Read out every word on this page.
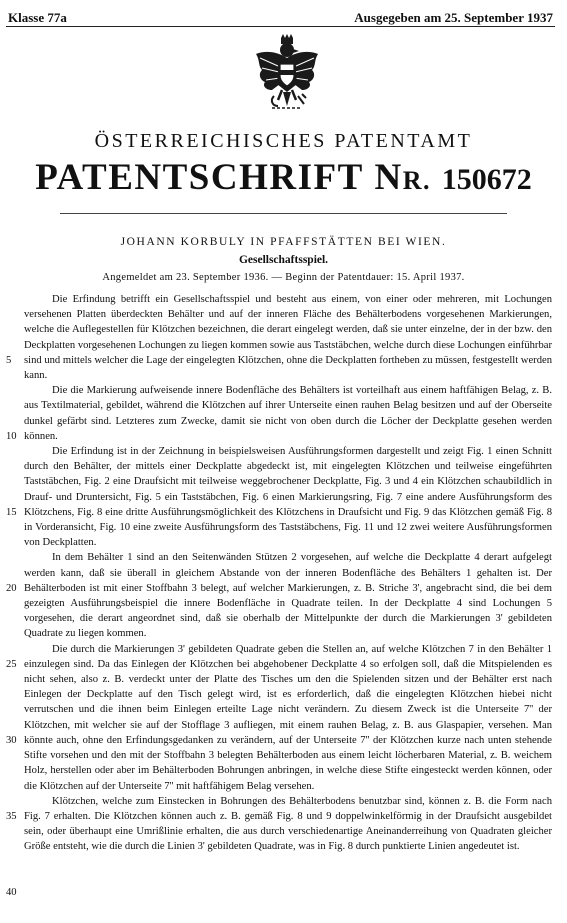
Klasse 77a	Ausgegeben am 25. September 1937
ÖSTERREICHISCHES PATENTAMT
PATENTSCHRIFT NR. 150672
JOHANN KORBULY IN PFAFFSTÄTTEN BEI WIEN.
Gesellschaftsspiel.
Angemeldet am 23. September 1936. — Beginn der Patentdauer: 15. April 1937.
5
10
15
20
25
30
35
40

Die Erfindung betrifft ein Gesellschaftsspiel und besteht aus einem, von einer oder mehreren, mit Lochungen versehenen Platten überdeckten Behälter und auf der inneren Fläche des Behälterbodens vorgesehenen Markierungen, welche die Auflegestellen für Klötzchen bezeichnen, die derart eingelegt werden, daß sie unter einzelne, der in der bzw. den Deckplatten vorgesehenen Lochungen zu liegen kommen sowie aus Taststäbchen, welche durch diese Lochungen einführbar sind und mittels welcher die Lage der eingelegten Klötzchen, ohne die Deckplatten fortheben zu müssen, festgestellt werden kann.

Die die Markierung aufweisende innere Bodenfläche des Behälters ist vorteilhaft aus einem haftfähigen Belag, z. B. aus Textilmaterial, gebildet, während die Klötzchen auf ihrer Unterseite einen rauhen Belag besitzen und auf der Oberseite dunkel gefärbt sind. Letzteres zum Zwecke, damit sie nicht von oben durch die Löcher der Deckplatte gesehen werden können.

Die Erfindung ist in der Zeichnung in beispielsweisen Ausführungsformen dargestellt und zeigt Fig. 1 einen Schnitt durch den Behälter, der mittels einer Deckplatte abgedeckt ist, mit eingelegten Klötzchen und teilweise eingeführten Taststäbchen, Fig. 2 eine Draufsicht mit teilweise weggebrochener Deckplatte, Fig. 3 und 4 ein Klötzchen schaubildlich in Drauf- und Druntersicht, Fig. 5 ein Taststäbchen, Fig. 6 einen Markierungsring, Fig. 7 eine andere Ausführungsform des Klötzchens, Fig. 8 eine dritte Ausführungsmöglichkeit des Klötzchens in Draufsicht und Fig. 9 das Klötzchen gemäß Fig. 8 in Vorderansicht, Fig. 10 eine zweite Ausführungsform des Taststäbchens, Fig. 11 und 12 zwei weitere Ausführungsformen von Deckplatten.

In dem Behälter 1 sind an den Seitenwänden Stützen 2 vorgesehen, auf welche die Deckplatte 4 derart aufgelegt werden kann, daß sie überall in gleichem Abstande von der inneren Bodenfläche des Behälters 1 gehalten ist. Der Behälterboden ist mit einer Stoffbahn 3 belegt, auf welcher Markierungen, z. B. Striche 3', angebracht sind, die bei dem gezeigten Ausführungsbeispiel die innere Bodenfläche in Quadrate teilen. In der Deckplatte 4 sind Lochungen 5 vorgesehen, die derart angeordnet sind, daß sie oberhalb der Mittelpunkte der durch die Markierungen 3' gebildeten Quadrate zu liegen kommen.

Die durch die Markierungen 3' gebildeten Quadrate geben die Stellen an, auf welche Klötzchen 7 in den Behälter 1 einzulegen sind. Da das Einlegen der Klötzchen bei abgehobener Deckplatte 4 so erfolgen soll, daß die Mitspielenden es nicht sehen, also z. B. verdeckt unter der Platte des Tisches um den die Spielenden sitzen und der Behälter erst nach Einlegen der Deckplatte auf den Tisch gelegt wird, ist es erforderlich, daß die eingelegten Klötzchen hiebei nicht verrutschen und die ihnen beim Einlegen erteilte Lage nicht verändern. Zu diesem Zweck ist die Unterseite 7'' der Klötzchen, mit welcher sie auf der Stofflage 3 aufliegen, mit einem rauhen Belag, z. B. aus Glaspapier, versehen. Man könnte auch, ohne den Erfindungsgedanken zu verändern, auf der Unterseite 7'' der Klötzchen kurze nach unten stehende Stifte vorsehen und den mit der Stoffbahn 3 belegten Behälterboden aus einem leicht löcherbaren Material, z. B. weichem Holz, herstellen oder aber im Behälterboden Bohrungen anbringen, in welche diese Stifte eingesteckt werden können, oder die Klötzchen auf der Unterseite 7'' mit haftfähigem Belag versehen.

Klötzchen, welche zum Einstecken in Bohrungen des Behälterbodens benutzbar sind, können z. B. die Form nach Fig. 7 erhalten. Die Klötzchen können auch z. B. gemäß Fig. 8 und 9 doppelwinkelförmig in der Draufsicht ausgebildet sein, oder überhaupt eine Umrißlinie erhalten, die aus durch verschiedenartige Aneinanderreihung von Quadraten gleicher Größe entsteht, wie die durch die Linien 3' gebildeten Quadrate, was in Fig. 8 durch punktierte Linien angedeutet ist.
